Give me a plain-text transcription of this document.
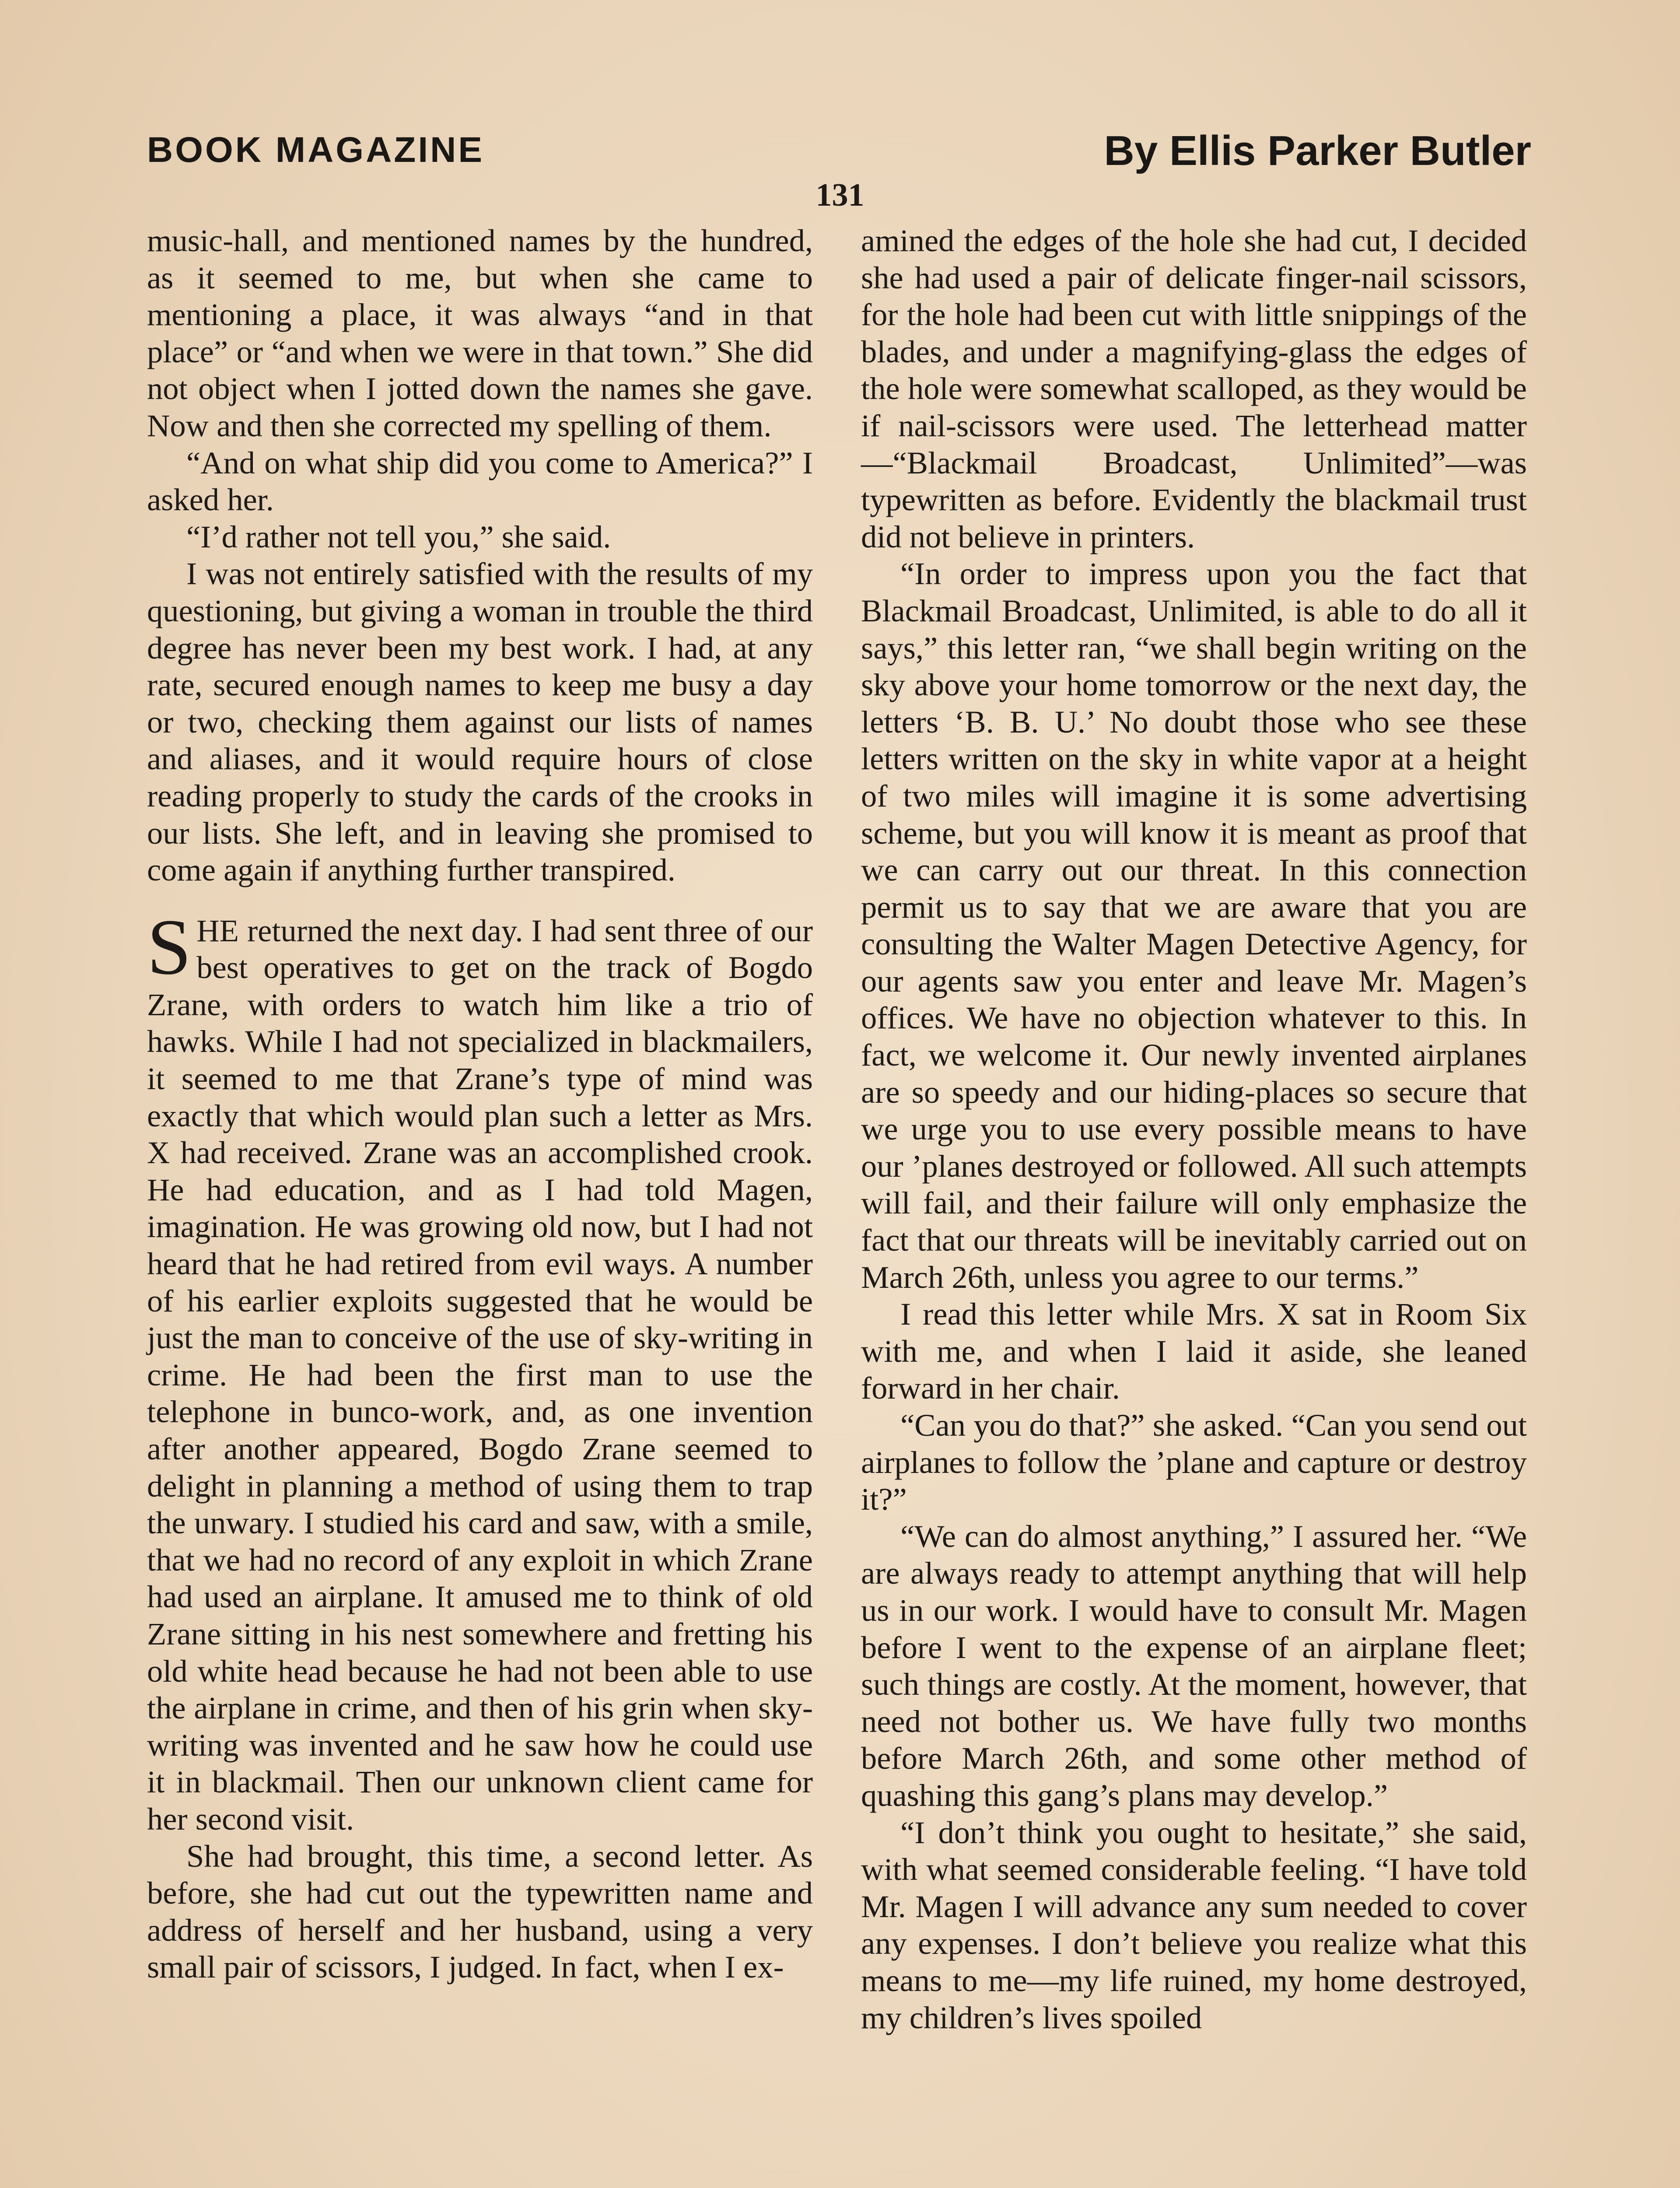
BOOK MAGAZINE	By Ellis Parker Butler
131

music-hall, and mentioned names by the hundred, as it seemed to me, but when she came to mentioning a place, it was always “and in that place” or “and when we were in that town.” She did not object when I jotted down the names she gave. Now and then she corrected my spelling of them.

“And on what ship did you come to America?” I asked her.

“I’d rather not tell you,” she said.

I was not entirely satisfied with the results of my questioning, but giving a woman in trouble the third degree has never been my best work. I had, at any rate, secured enough names to keep me busy a day or two, checking them against our lists of names and aliases, and it would require hours of close reading properly to study the cards of the crooks in our lists. She left, and in leaving she promised to come again if anything further transpired.

SHE returned the next day. I had sent three of our best operatives to get on the track of Bogdo Zrane, with orders to watch him like a trio of hawks. While I had not specialized in blackmailers, it seemed to me that Zrane’s type of mind was exactly that which would plan such a letter as Mrs. X had received. Zrane was an accomplished crook. He had education, and as I had told Magen, imagination. He was growing old now, but I had not heard that he had retired from evil ways. A number of his earlier exploits suggested that he would be just the man to conceive of the use of sky-writing in crime. He had been the first man to use the telephone in bunco-work, and, as one invention after another appeared, Bogdo Zrane seemed to delight in planning a method of using them to trap the unwary. I studied his card and saw, with a smile, that we had no record of any exploit in which Zrane had used an airplane. It amused me to think of old Zrane sitting in his nest somewhere and fretting his old white head because he had not been able to use the airplane in crime, and then of his grin when sky-writing was invented and he saw how he could use it in blackmail. Then our unknown client came for her second visit.

She had brought, this time, a second letter. As before, she had cut out the typewritten name and address of herself and her husband, using a very small pair of scissors, I judged. In fact, when I ex-

amined the edges of the hole she had cut, I decided she had used a pair of delicate finger-nail scissors, for the hole had been cut with little snippings of the blades, and under a magnifying-glass the edges of the hole were somewhat scalloped, as they would be if nail-scissors were used. The letterhead matter—“Blackmail Broadcast, Unlimited”—was typewritten as before. Evidently the blackmail trust did not believe in printers.

“In order to impress upon you the fact that Blackmail Broadcast, Unlimited, is able to do all it says,” this letter ran, “we shall begin writing on the sky above your home tomorrow or the next day, the letters ‘B. B. U.’ No doubt those who see these letters written on the sky in white vapor at a height of two miles will imagine it is some advertising scheme, but you will know it is meant as proof that we can carry out our threat. In this connection permit us to say that we are aware that you are consulting the Walter Magen Detective Agency, for our agents saw you enter and leave Mr. Magen’s offices. We have no objection whatever to this. In fact, we welcome it. Our newly invented airplanes are so speedy and our hiding-places so secure that we urge you to use every possible means to have our ’planes destroyed or followed. All such attempts will fail, and their failure will only emphasize the fact that our threats will be inevitably carried out on March 26th, unless you agree to our terms.”

I read this letter while Mrs. X sat in Room Six with me, and when I laid it aside, she leaned forward in her chair.

“Can you do that?” she asked. “Can you send out airplanes to follow the ’plane and capture or destroy it?”

“We can do almost anything,” I assured her. “We are always ready to attempt anything that will help us in our work. I would have to consult Mr. Magen before I went to the expense of an airplane fleet; such things are costly. At the moment, however, that need not bother us. We have fully two months before March 26th, and some other method of quashing this gang’s plans may develop.”

“I don’t think you ought to hesitate,” she said, with what seemed considerable feeling. “I have told Mr. Magen I will advance any sum needed to cover any expenses. I don’t believe you realize what this means to me—my life ruined, my home destroyed, my children’s lives spoiled
